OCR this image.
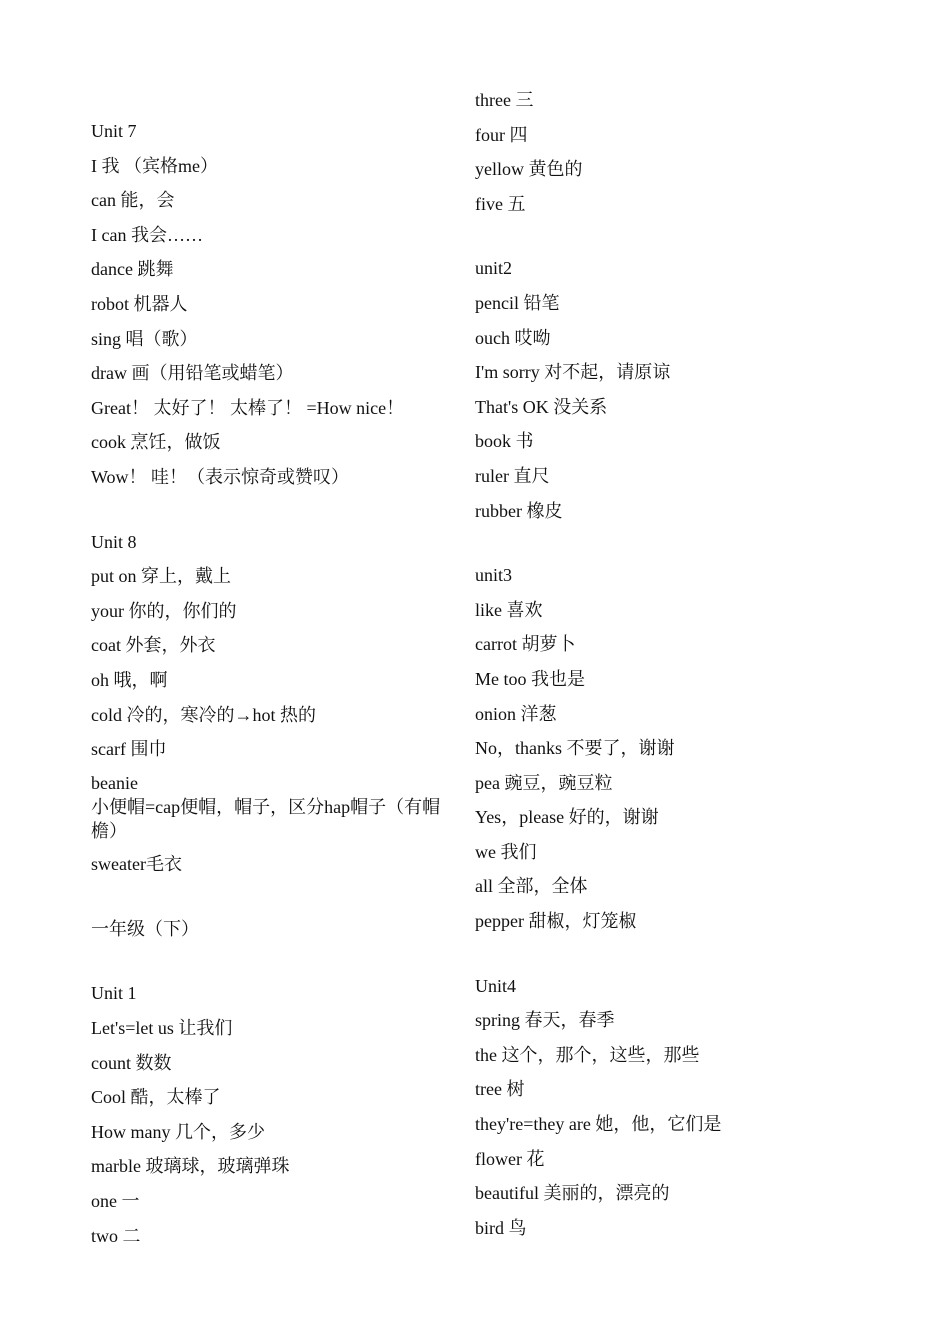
Unit 7
I 我 （宾格me）
can 能，会
I can 我会……
dance 跳舞
robot 机器人
sing 唱（歌）
draw 画（用铅笔或蜡笔）
Great！ 太好了！ 太棒了！ =How nice！
cook 烹饪，做饭
Wow！ 哇！（表示惊奇或赞叹）
Unit 8
put on 穿上，戴上
your 你的，你们的
coat 外套，外衣
oh 哦，啊
cold 冷的，寒冷的→hot 热的
scarf 围巾
beanie
小便帽=cap便帽，帽子，区分hap帽子（有帽檐）
sweater毛衣
一年级（下）
Unit 1
Let's=let us 让我们
count 数数
Cool 酷，太棒了
How many 几个，多少
marble 玻璃球，玻璃弹珠
one 一
two 二
three 三
four 四
yellow 黄色的
five 五
unit2
pencil 铅笔
ouch 哎呦
I'm sorry 对不起，请原谅
That's OK 没关系
book 书
ruler 直尺
rubber 橡皮
unit3
like 喜欢
carrot 胡萝卜
Me too 我也是
onion 洋葱
No，thanks 不要了，谢谢
pea 豌豆，豌豆粒
Yes，please 好的，谢谢
we 我们
all 全部，全体
pepper 甜椒，灯笼椒
Unit4
spring 春天，春季
the 这个，那个，这些，那些
tree 树
they're=they are 她，他，它们是
flower 花
beautiful 美丽的，漂亮的
bird 鸟
